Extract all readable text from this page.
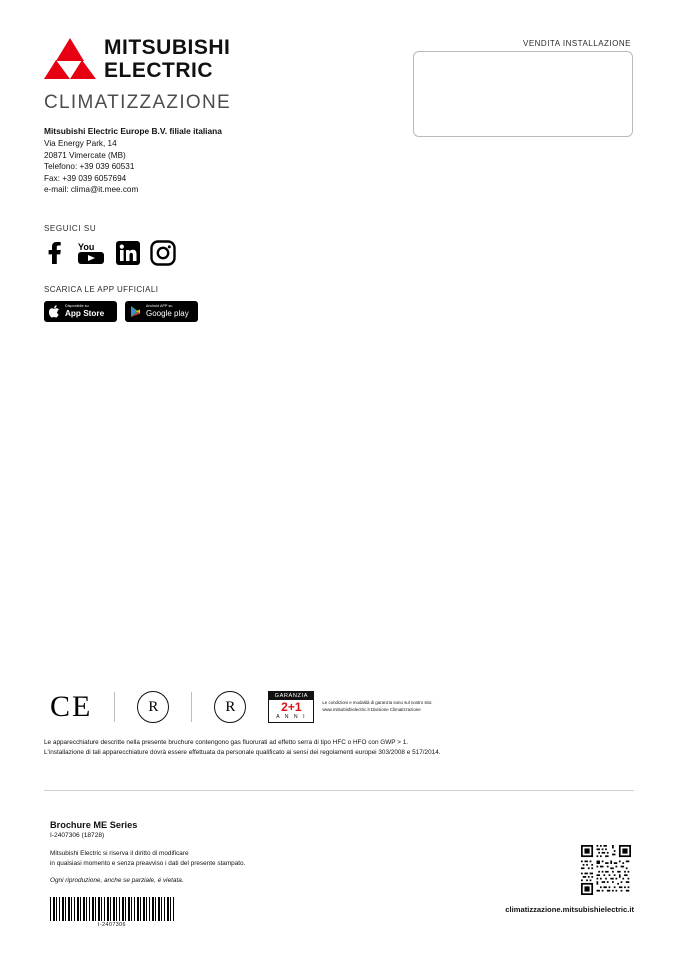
MITSUBISHI
ELECTRIC
CLIMATIZZAZIONE
Mitsubishi Electric Europe B.V. filiale italiana
Via Energy Park, 14
20871 Vimercate (MB)
Telefono: +39 039 60531
Fax: +39 039 6057694
e-mail: clima@it.mee.com
VENDITA INSTALLAZIONE
SEGUICI SU
You
SCARICA LE APP UFFICIALI
Disponibile su
App Store
Android APP su
Google play
CE	R	R
GARANZIA
2+1
A N N I
Le condizioni e modalità di garanzia sono sul nostro sito: www.mitsubishielectric.it Divisione Climatizzazione
Le apparecchiature descritte nella presente bruchure contengono gas fluorurati ad effetto serra di tipo HFC o HFO con GWP > 1.
L'installazione di tali apparecchiature dovrà essere effettuata da personale qualificato ai sensi dei regolamenti europei 303/2008 e 517/2014.
Brochure ME Series
I-2407306 (18728)
Mitsubishi Electric si riserva il diritto di modificare
in qualsiasi momento e senza preavviso i dati del presente stampato.
Ogni riproduzione, anche se parziale, é vietata.
I-2407306
climatizzazione.mitsubishielectric.it
